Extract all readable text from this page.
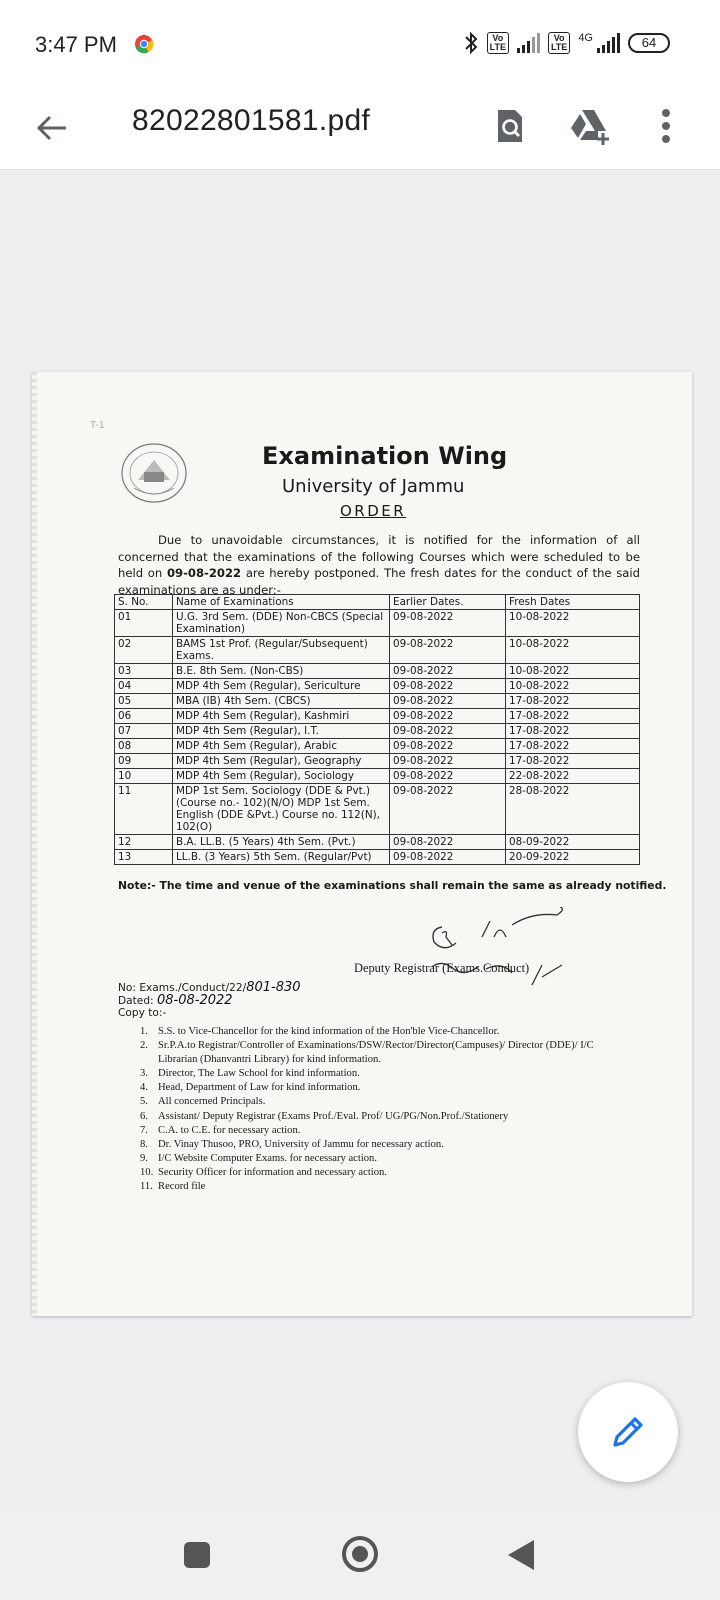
3:47 PM	Vo
LTE
Vo
LTE
4G	64
82022801581.pdf
T-1
Examination Wing
University of Jammu
ORDER

Due to unavoidable circumstances, it is notified for the information of all concerned that the examinations of the following Courses which were scheduled to be held on 09-08-2022 are hereby postponed. The fresh dates for the conduct of the said examinations are as under:-

S. No.	Name of Examinations	Earlier Dates.	Fresh Dates
01	U.G. 3rd Sem. (DDE) Non-CBCS (Special Examination)	09-08-2022	10-08-2022
02	BAMS 1st Prof. (Regular/Subsequent) Exams.	09-08-2022	10-08-2022
03	B.E. 8th Sem. (Non-CBS)	09-08-2022	10-08-2022
04	MDP 4th Sem (Regular), Sericulture	09-08-2022	10-08-2022
05	MBA (IB) 4th Sem. (CBCS)	09-08-2022	17-08-2022
06	MDP 4th Sem (Regular), Kashmiri	09-08-2022	17-08-2022
07	MDP 4th Sem (Regular), I.T.	09-08-2022	17-08-2022
08	MDP 4th Sem (Regular), Arabic	09-08-2022	17-08-2022
09	MDP 4th Sem (Regular), Geography	09-08-2022	17-08-2022
10	MDP 4th Sem (Regular), Sociology	09-08-2022	22-08-2022
11	MDP 1st Sem. Sociology (DDE & Pvt.) (Course no.- 102)(N/O) MDP 1st Sem. English (DDE &Pvt.) Course no. 112(N), 102(O)	09-08-2022	28-08-2022
12	B.A. LL.B. (5 Years) 4th Sem. (Pvt.)	09-08-2022	08-09-2022
13	LL.B. (3 Years) 5th Sem. (Regular/Pvt)	09-08-2022	20-09-2022
Note:- The time and venue of the examinations shall remain the same as already notified.
Deputy Registrar (Exams.Conduct)
No: Exams./Conduct/22/801-830
Dated: 08-08-2022
Copy to:-
1. S.S. to Vice-Chancellor for the kind information of the Hon'ble Vice-Chancellor.
2. Sr.P.A.to Registrar/Controller of Examinations/DSW/Rector/Director(Campuses)/ Director (DDE)/ I/C Librarian (Dhanvantri Library) for kind information.
3. Director, The Law School for kind information.
4. Head, Department of Law for kind information.
5. All concerned Principals.
6. Assistant/ Deputy Registrar (Exams Prof./Eval. Prof/ UG/PG/Non.Prof./Stationery
7. C.A. to C.E. for necessary action.
8. Dr. Vinay Thusoo, PRO, University of Jammu for necessary action.
9. I/C Website Computer Exams. for necessary action.
10. Security Officer for information and necessary action.
11. Record file
